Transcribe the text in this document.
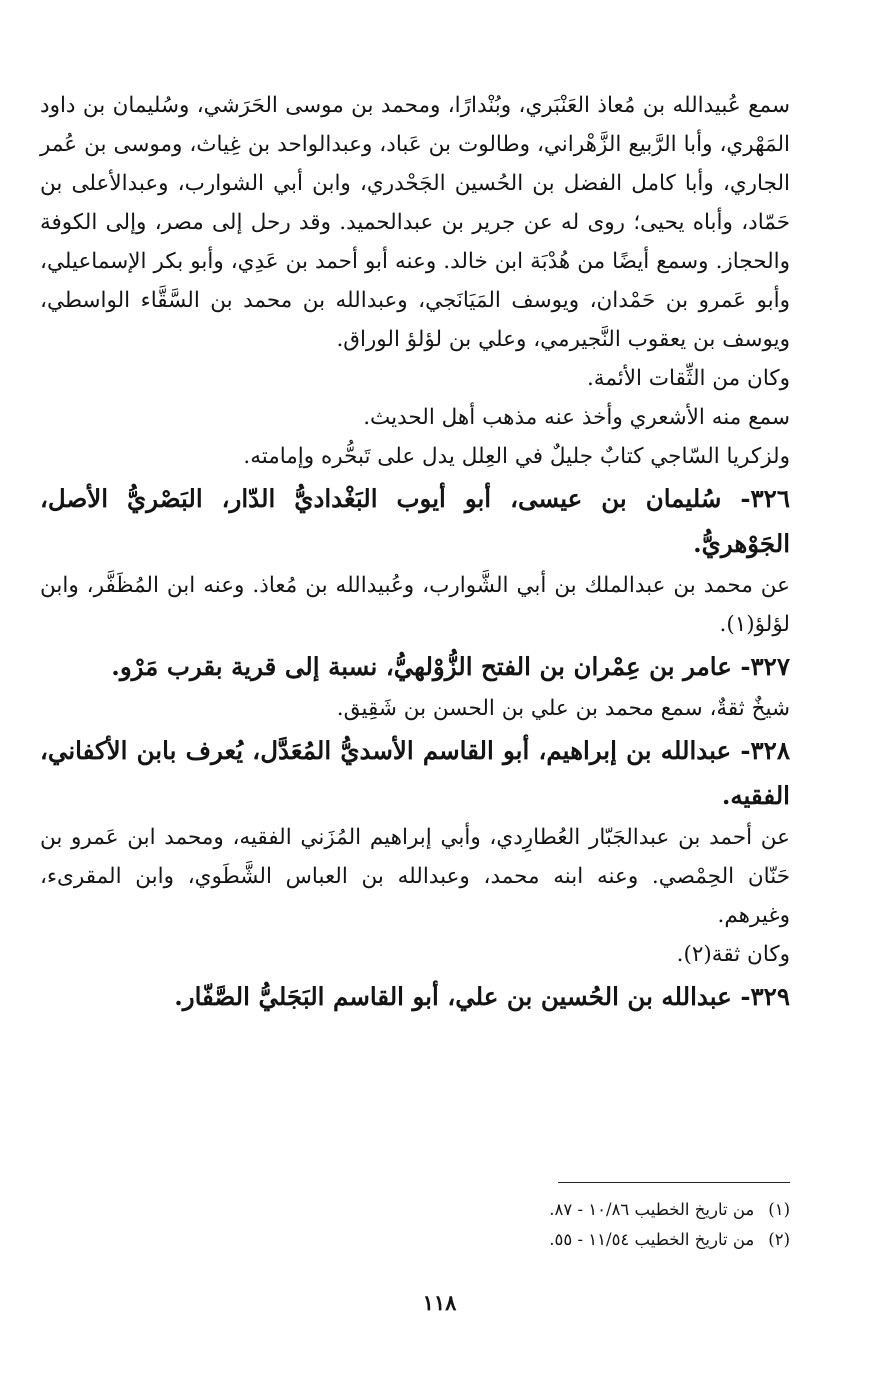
سمع عُبيدالله بن مُعاذ العَنْبَري، وبُنْدارًا، ومحمد بن موسى الحَرَشي، وسُليمان بن داود المَهْري، وأبا الرَّبيع الزَّهْراني، وطالوت بن عَباد، وعبدالواحد بن غِياث، وموسى بن عُمر الجاري، وأبا كامل الفضل بن الحُسين الجَحْدري، وابن أبي الشوارب، وعبدالأعلى بن حَمّاد، وأباه يحيى؛ روى له عن جرير بن عبدالحميد. وقد رحل إلى مصر، وإلى الكوفة والحجاز. وسمع أيضًا من هُدْبَة ابن خالد. وعنه أبو أحمد بن عَدِي، وأبو بكر الإسماعيلي، وأبو عَمرو بن حَمْدان، ويوسف المَيَانَجي، وعبدالله بن محمد بن السَّقَّاء الواسطي، ويوسف بن يعقوب النَّجيرمي، وعلي بن لؤلؤ الوراق.

وكان من الثِّقات الأئمة.

سمع منه الأشعري وأخذ عنه مذهب أهل الحديث.

ولزكريا السّاجي كتابٌ جليلٌ في العِلل يدل على تَبحُّره وإمامته.

٣٢٦- سُليمان بن عيسى، أبو أيوب البَغْداديُّ الدّار، البَصْريُّ الأصل، الجَوْهريُّ.

عن محمد بن عبدالملك بن أبي الشَّوارب، وعُبيدالله بن مُعاذ. وعنه ابن المُظَفَّر، وابن لؤلؤ(١).

٣٢٧- عامر بن عِمْران بن الفتح الزُّوْلهيُّ، نسبة إلى قرية بقرب مَرْو.

شيخٌ ثقةٌ، سمع محمد بن علي بن الحسن بن شَقِيق.

٣٢٨- عبدالله بن إبراهيم، أبو القاسم الأسديُّ المُعَدَّل، يُعرف بابن الأكفاني، الفقيه.

عن أحمد بن عبدالجَبّار العُطارِدي، وأبي إبراهيم المُزَني الفقيه، ومحمد ابن عَمرو بن حَنّان الحِمْصي. وعنه ابنه محمد، وعبدالله بن العباس الشَّطَوي، وابن المقرىء، وغيرهم.

وكان ثقة(٢).

٣٢٩- عبدالله بن الحُسين بن علي، أبو القاسم البَجَليُّ الصَّفّار.

(١)من تاريخ الخطيب ١٠/٨٦ - ٨٧.
(٢)من تاريخ الخطيب ١١/٥٤ - ٥٥.
١١٨
